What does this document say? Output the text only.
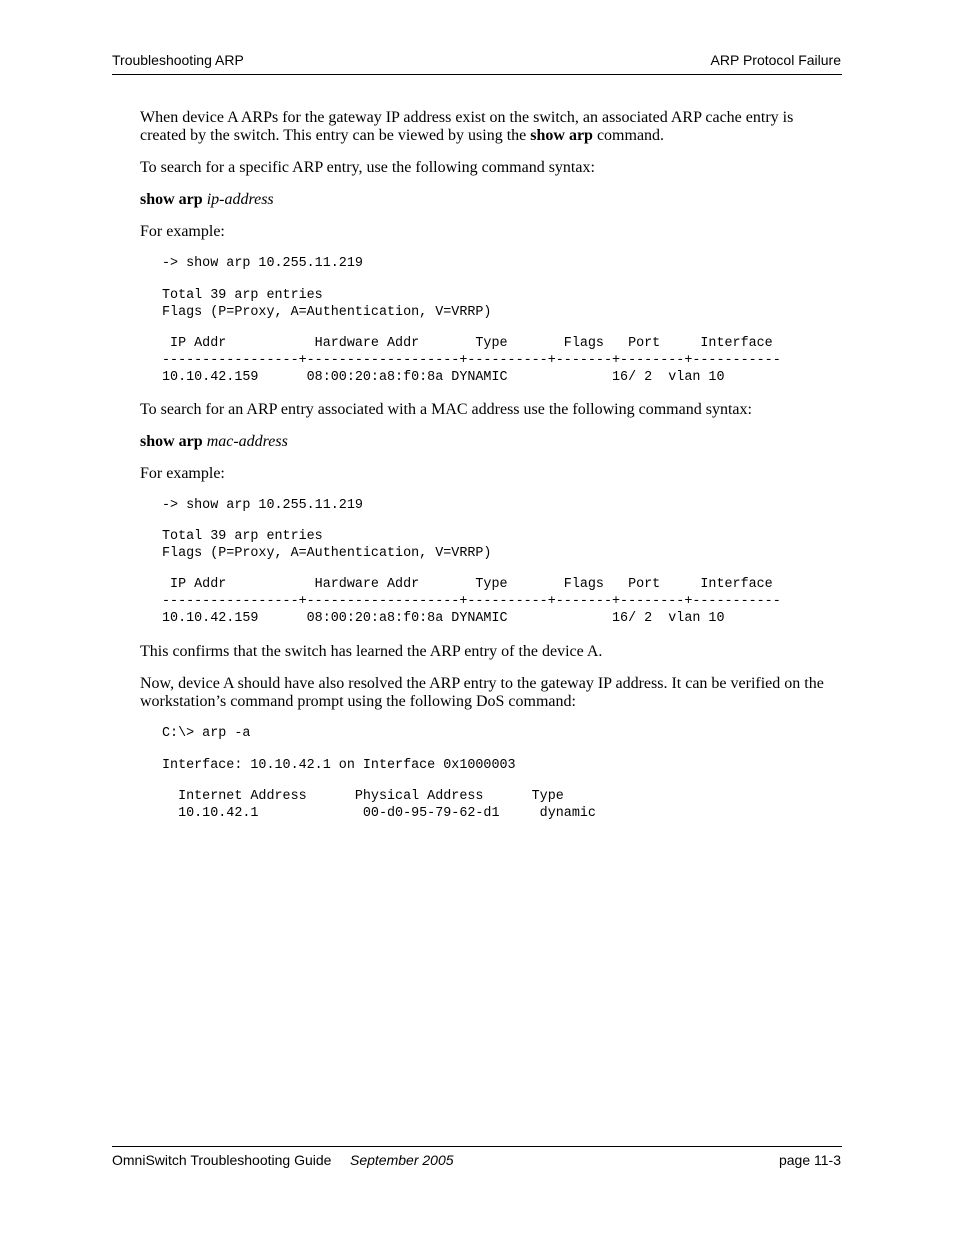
Troubleshooting ARP	ARP Protocol Failure
When device A ARPs for the gateway IP address exist on the switch, an associated ARP cache entry is created by the switch. This entry can be viewed by using the show arp command.
To search for a specific ARP entry, use the following command syntax:
show arp ip-address
For example:
-> show arp 10.255.11.219
Total 39 arp entries
Flags (P=Proxy, A=Authentication, V=VRRP)
IP Addr           Hardware Addr       Type       Flags   Port     Interface
-----------------+-------------------+----------+-------+--------+-----------
10.10.42.159      08:00:20:a8:f0:8a DYNAMIC             16/ 2  vlan 10
To search for an ARP entry associated with a MAC address use the following command syntax:
show arp mac-address
For example:
-> show arp 10.255.11.219
Total 39 arp entries
Flags (P=Proxy, A=Authentication, V=VRRP)
IP Addr           Hardware Addr       Type       Flags   Port     Interface
-----------------+-------------------+----------+-------+--------+-----------
10.10.42.159      08:00:20:a8:f0:8a DYNAMIC             16/ 2  vlan 10
This confirms that the switch has learned the ARP entry of the device A.
Now, device A should have also resolved the ARP entry to the gateway IP address. It can be verified on the workstation’s command prompt using the following DoS command:
C:\> arp -a
Interface: 10.10.42.1 on Interface 0x1000003
Internet Address      Physical Address      Type
10.10.42.1             00-d0-95-79-62-d1     dynamic
OmniSwitch Troubleshooting Guide September 2005	page 11-3
